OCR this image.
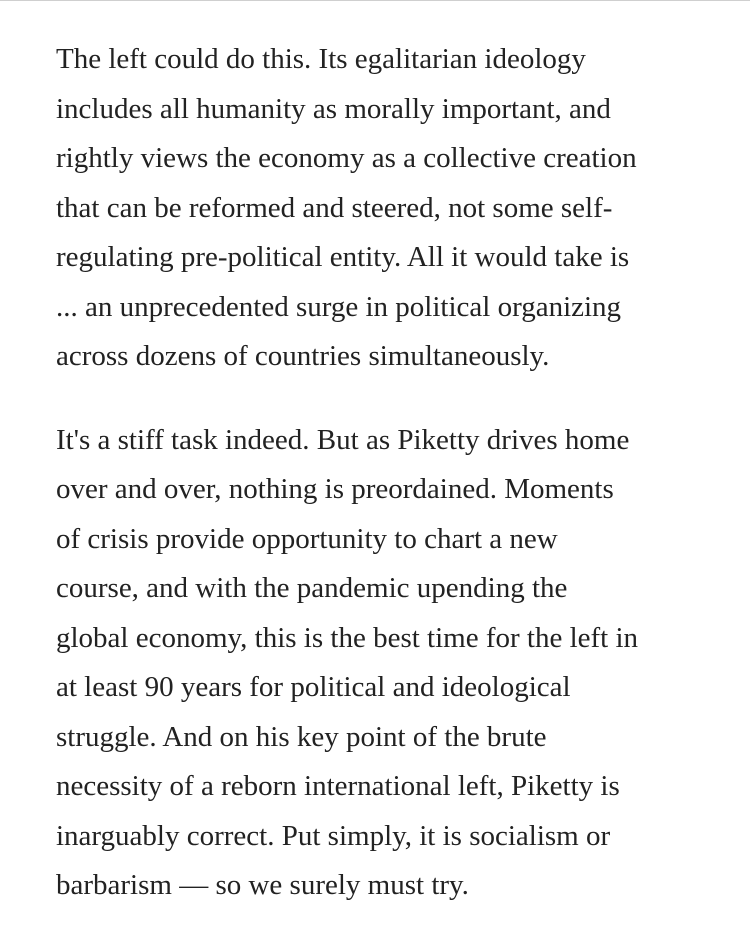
The left could do this. Its egalitarian ideology
includes all humanity as morally important, and
rightly views the economy as a collective creation
that can be reformed and steered, not some self-
regulating pre-political entity. All it would take is
... an unprecedented surge in political organizing
across dozens of countries simultaneously.

It's a stiff task indeed. But as Piketty drives home
over and over, nothing is preordained. Moments
of crisis provide opportunity to chart a new
course, and with the pandemic upending the
global economy, this is the best time for the left in
at least 90 years for political and ideological
struggle. And on his key point of the brute
necessity of a reborn international left, Piketty is
inarguably correct. Put simply, it is socialism or
barbarism — so we surely must try.
